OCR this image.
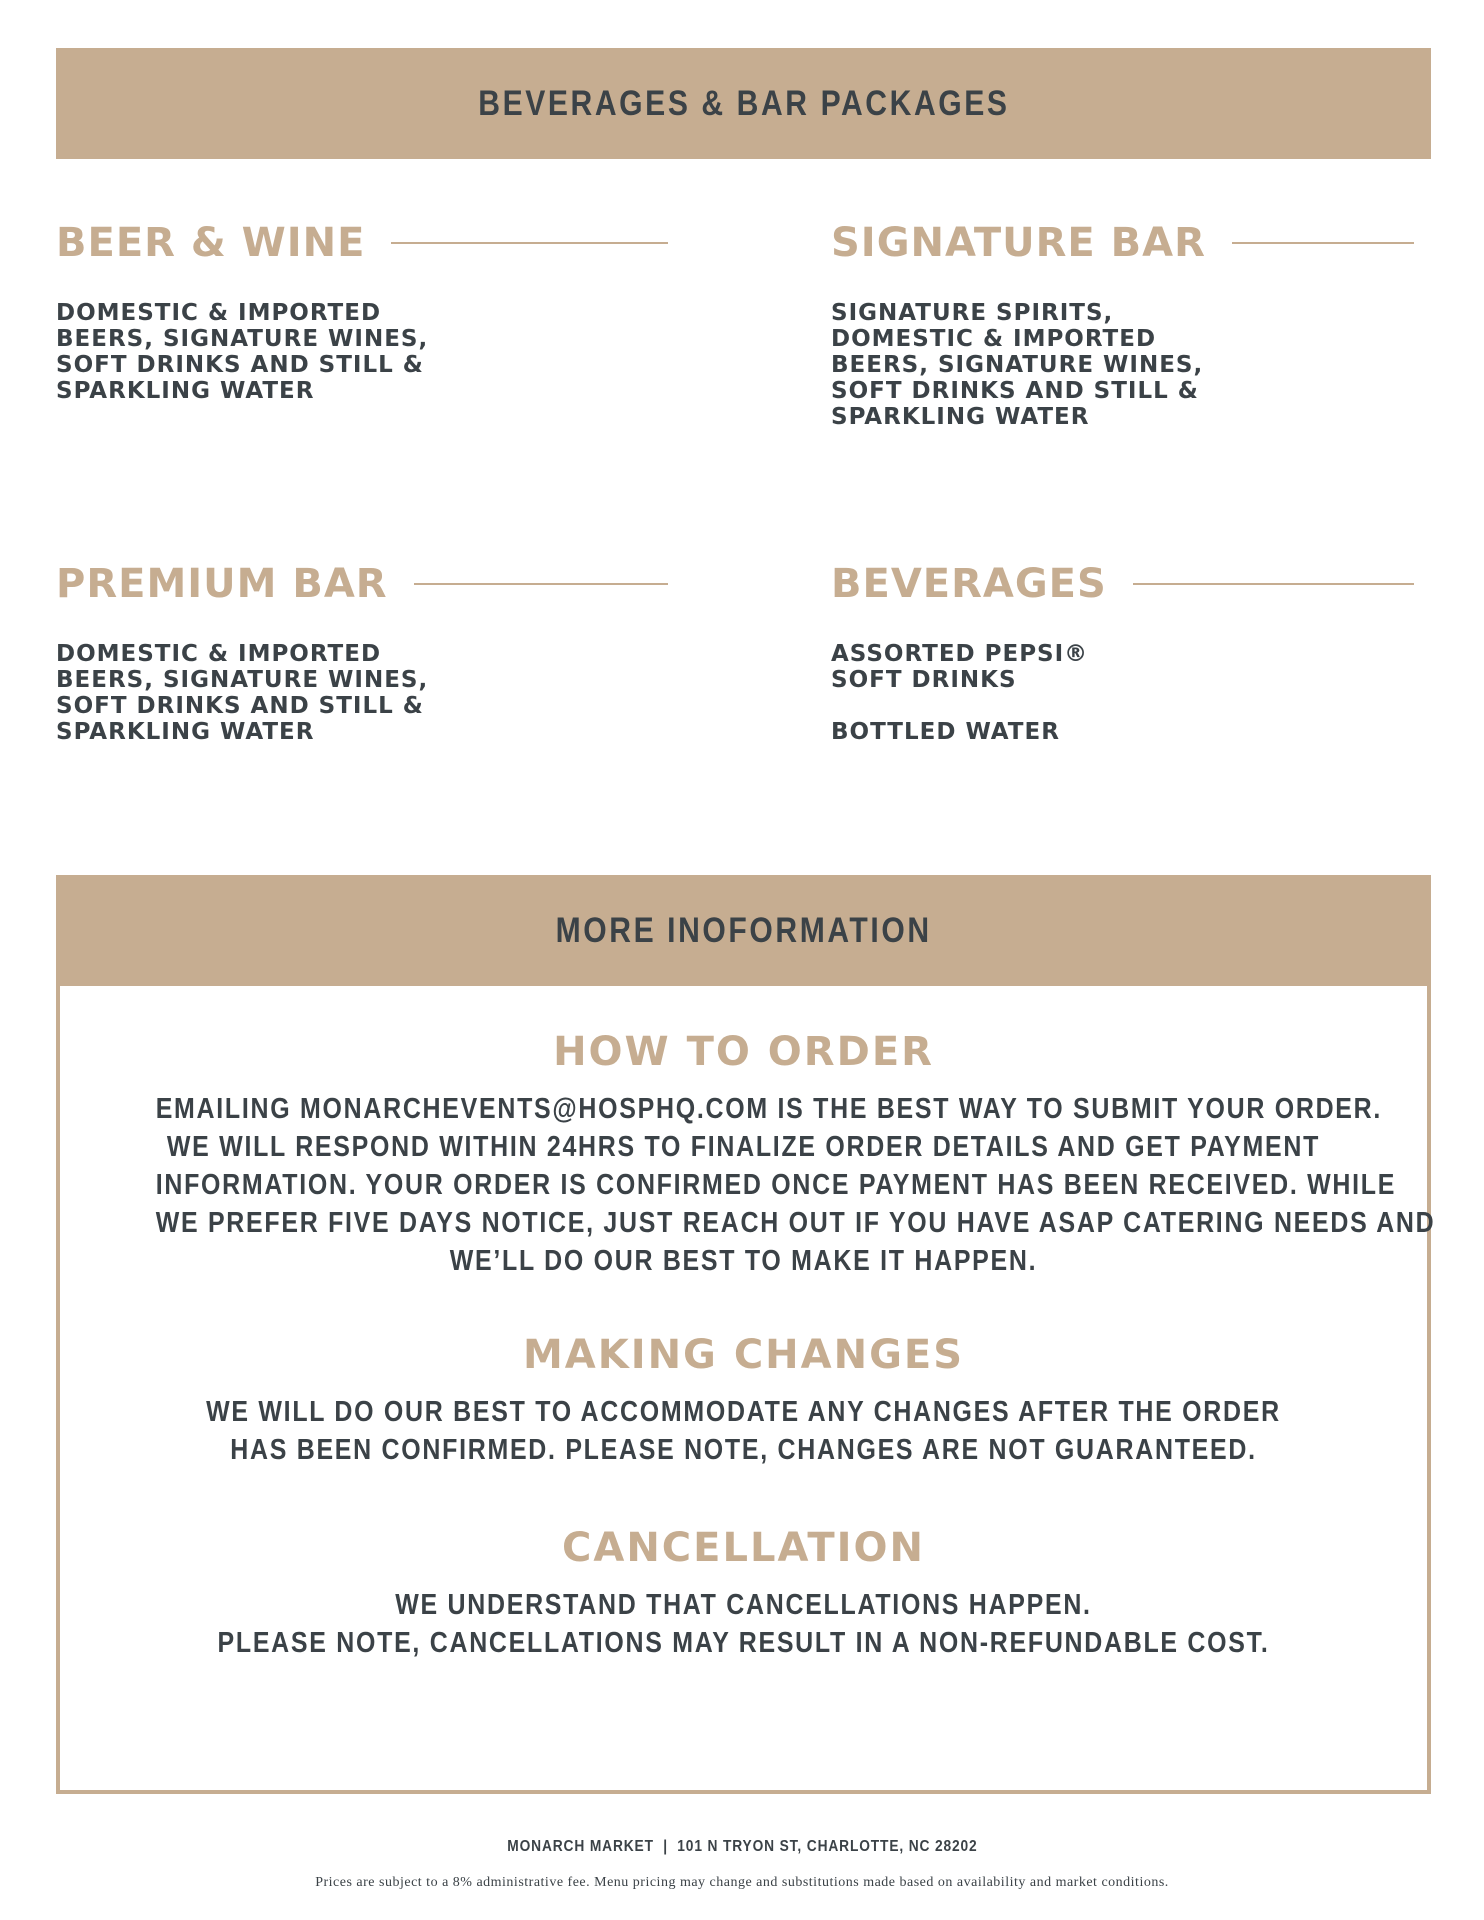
BEVERAGES & BAR PACKAGES
BEER & WINE
DOMESTIC & IMPORTED
BEERS, SIGNATURE WINES,
SOFT DRINKS AND STILL &
SPARKLING WATER
SIGNATURE BAR
SIGNATURE SPIRITS,
DOMESTIC & IMPORTED
BEERS, SIGNATURE WINES,
SOFT DRINKS AND STILL &
SPARKLING WATER
PREMIUM BAR
DOMESTIC & IMPORTED
BEERS, SIGNATURE WINES,
SOFT DRINKS AND STILL &
SPARKLING WATER
BEVERAGES
ASSORTED PEPSI®
SOFT DRINKS
BOTTLED WATER
MORE INOFORMATION
HOW TO ORDER
EMAILING MONARCHEVENTS@HOSPHQ.COM IS THE BEST WAY TO SUBMIT YOUR ORDER.
WE WILL RESPOND WITHIN 24HRS TO FINALIZE ORDER DETAILS AND GET PAYMENT
INFORMATION. YOUR ORDER IS CONFIRMED ONCE PAYMENT HAS BEEN RECEIVED. WHILE
WE PREFER FIVE DAYS NOTICE, JUST REACH OUT IF YOU HAVE ASAP CATERING NEEDS AND
WE’LL DO OUR BEST TO MAKE IT HAPPEN.
MAKING CHANGES
WE WILL DO OUR BEST TO ACCOMMODATE ANY CHANGES AFTER THE ORDER
HAS BEEN CONFIRMED. PLEASE NOTE, CHANGES ARE NOT GUARANTEED.
CANCELLATION
WE UNDERSTAND THAT CANCELLATIONS HAPPEN.
PLEASE NOTE, CANCELLATIONS MAY RESULT IN A NON-REFUNDABLE COST.
MONARCH MARKET  |  101 N TRYON ST, CHARLOTTE, NC 28202
Prices are subject to a 8% administrative fee. Menu pricing may change and substitutions made based on availability and market conditions.
